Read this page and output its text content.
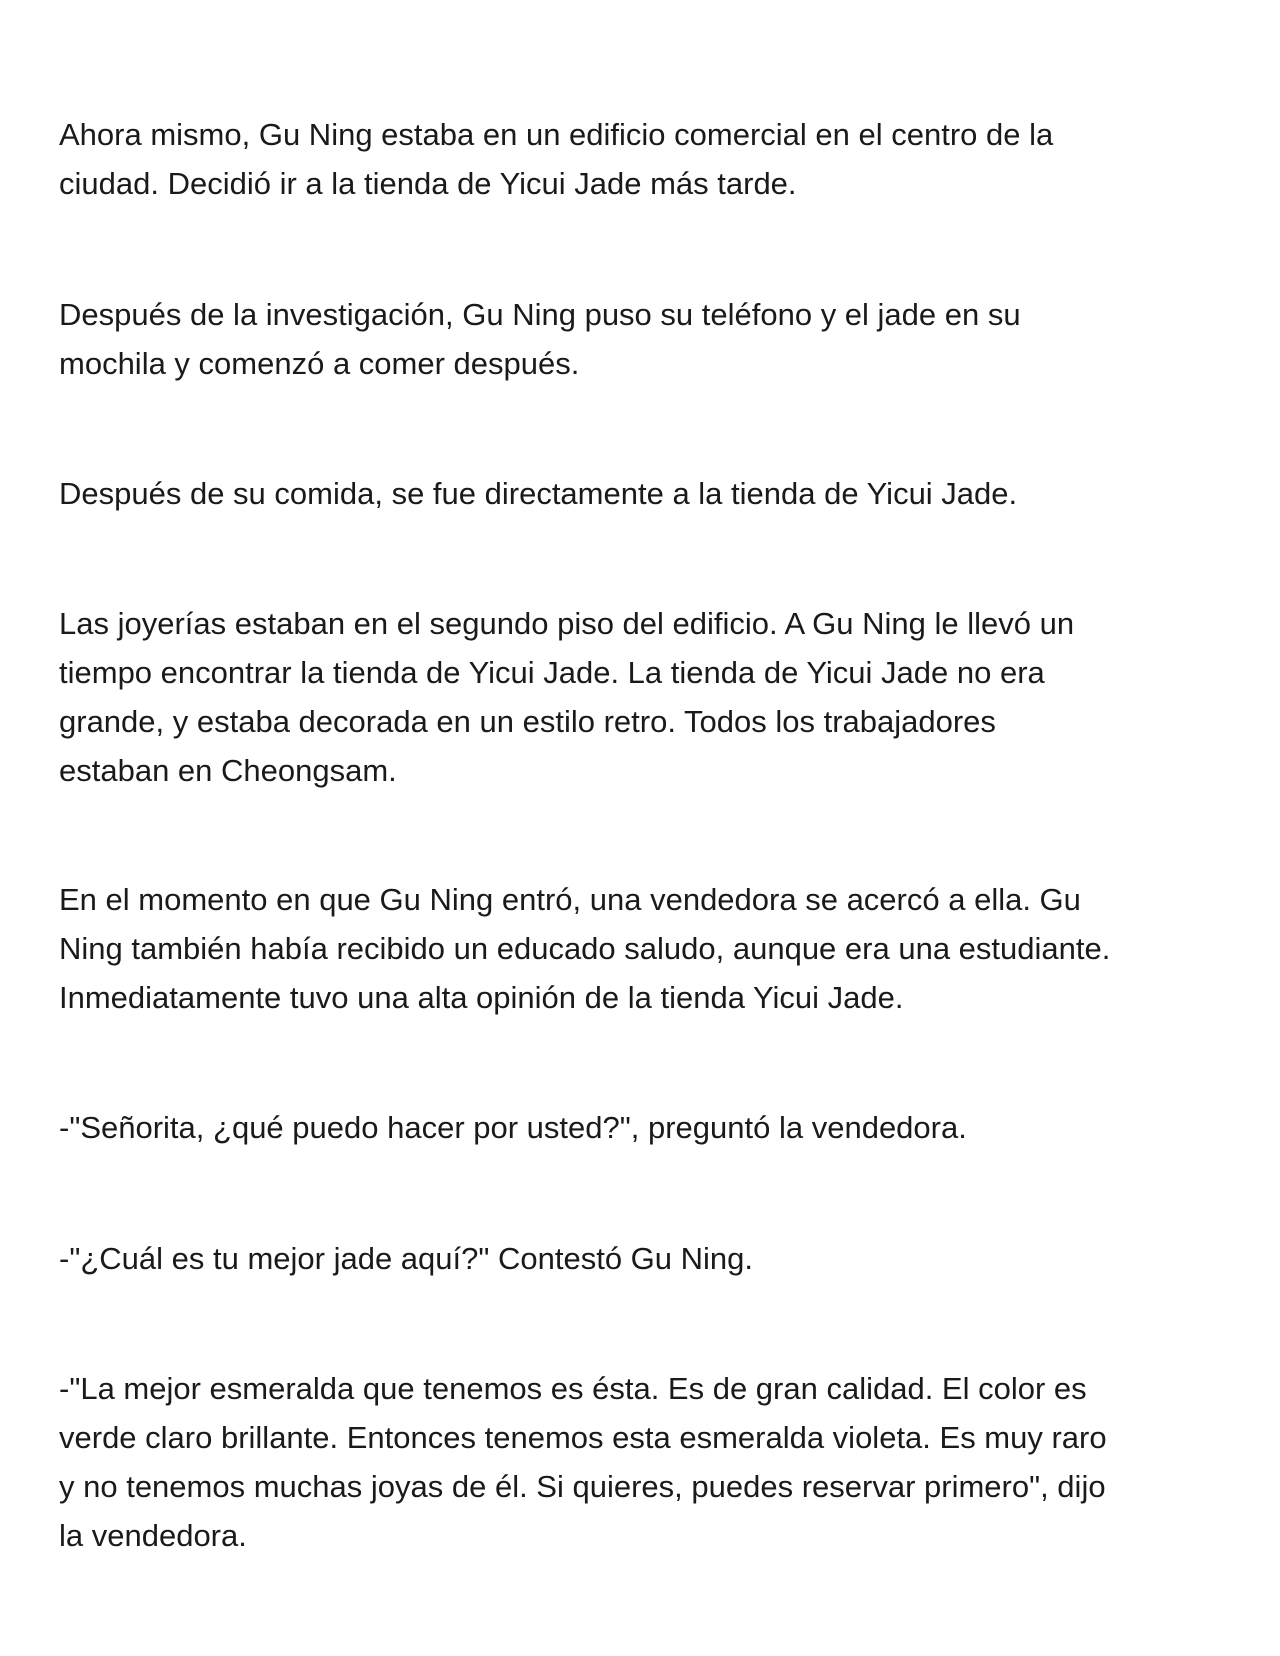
Ahora mismo, Gu Ning estaba en un edificio comercial en el centro de la
ciudad. Decidió ir a la tienda de Yicui Jade más tarde.

Después de la investigación, Gu Ning puso su teléfono y el jade en su
mochila y comenzó a comer después.

Después de su comida, se fue directamente a la tienda de Yicui Jade.

Las joyerías estaban en el segundo piso del edificio. A Gu Ning le llevó un
tiempo encontrar la tienda de Yicui Jade. La tienda de Yicui Jade no era
grande, y estaba decorada en un estilo retro. Todos los trabajadores
estaban en Cheongsam.

En el momento en que Gu Ning entró, una vendedora se acercó a ella. Gu
Ning también había recibido un educado saludo, aunque era una estudiante.
Inmediatamente tuvo una alta opinión de la tienda Yicui Jade.

-"Señorita, ¿qué puedo hacer por usted?", preguntó la vendedora.

-"¿Cuál es tu mejor jade aquí?" Contestó Gu Ning.

-"La mejor esmeralda que tenemos es ésta. Es de gran calidad. El color es
verde claro brillante. Entonces tenemos esta esmeralda violeta. Es muy raro
y no tenemos muchas joyas de él. Si quieres, puedes reservar primero", dijo
la vendedora.
